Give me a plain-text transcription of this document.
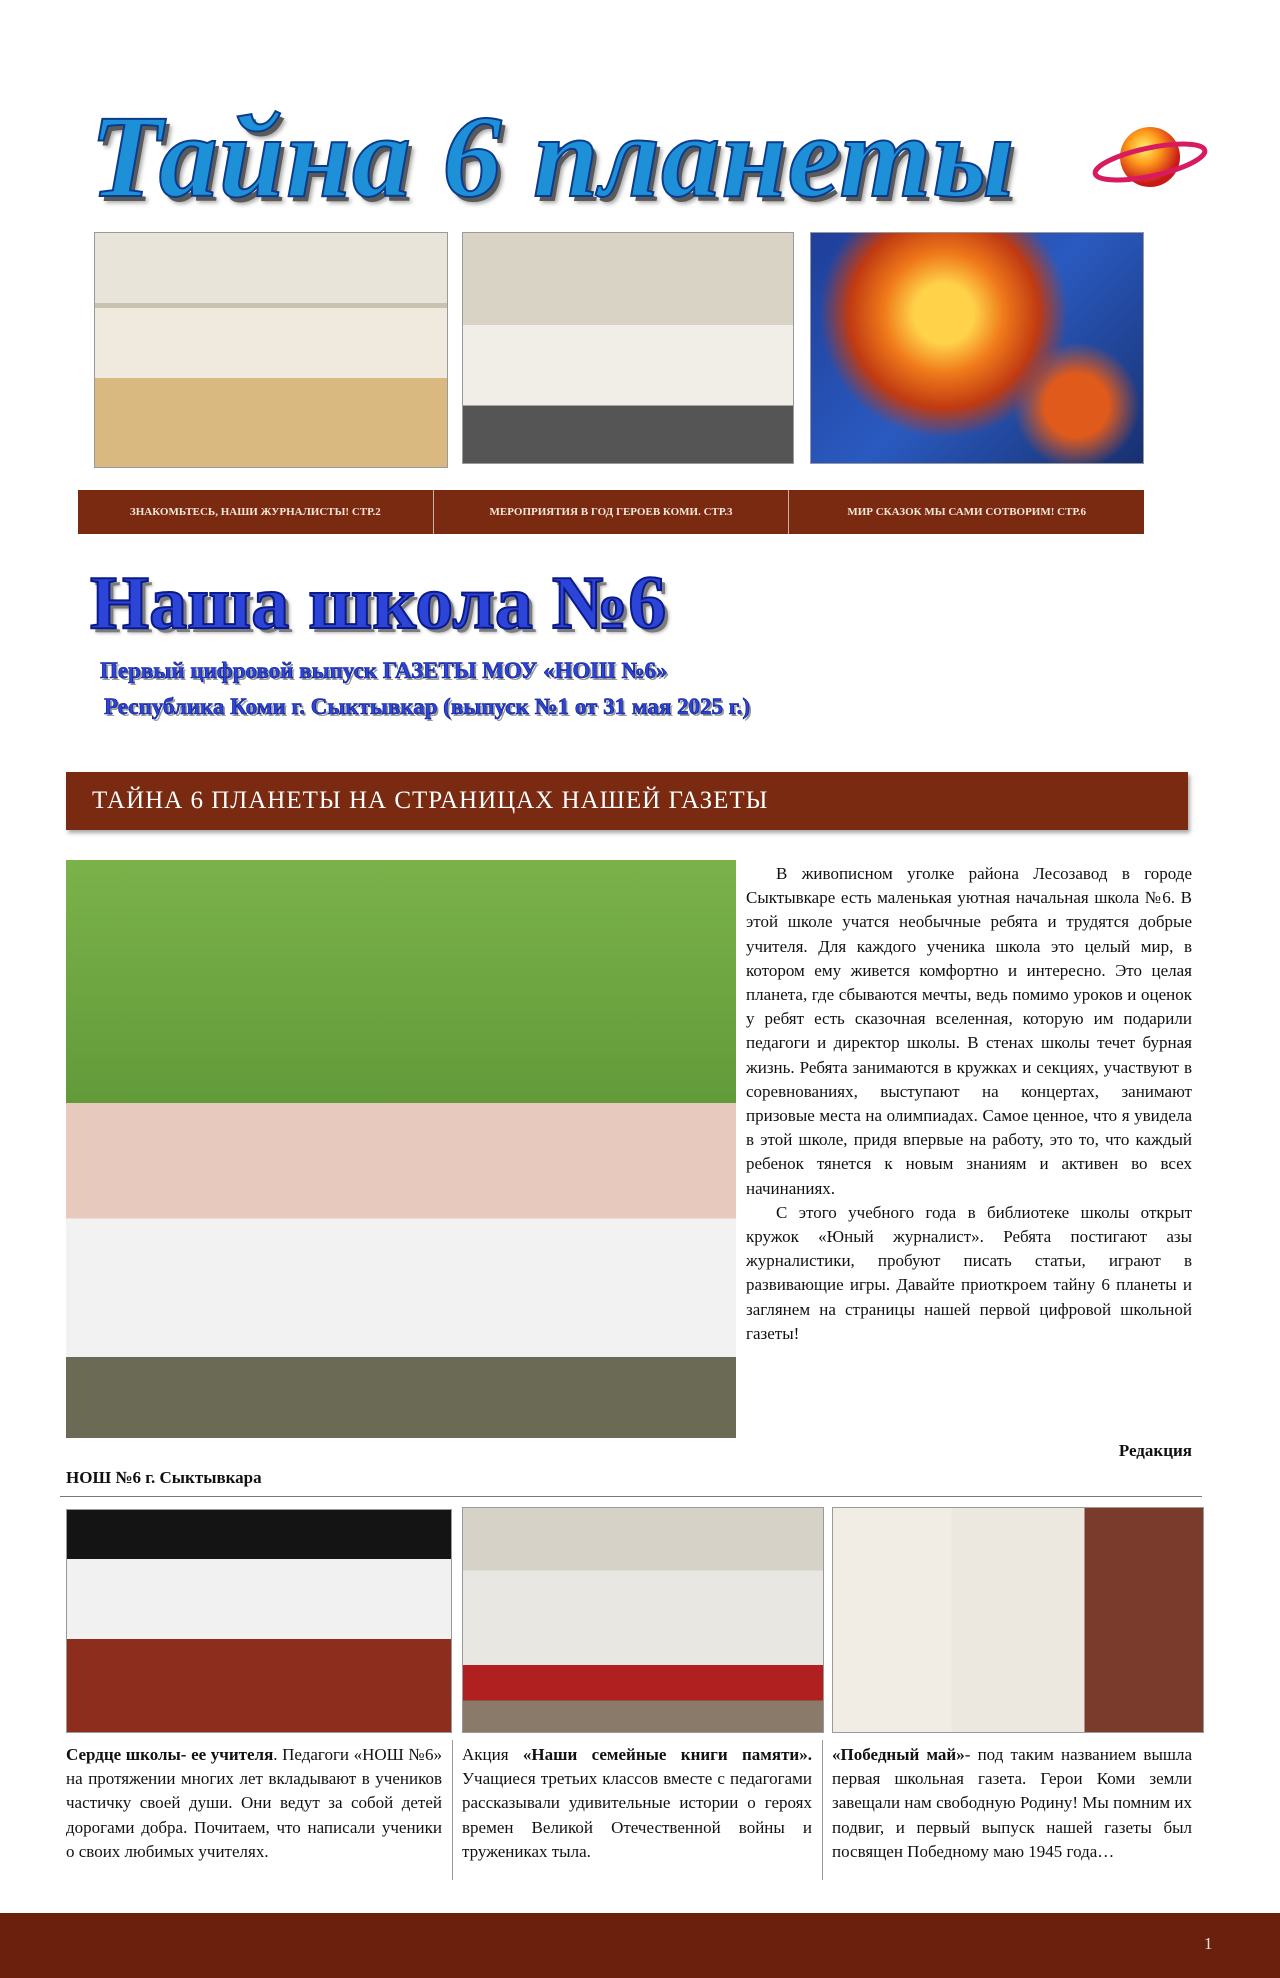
Тайна 6 планеты
ЗНАКОМЬТЕСЬ, НАШИ ЖУРНАЛИСТЫ! СТР.2	МЕРОПРИЯТИЯ В ГОД ГЕРОЕВ КОМИ. СТР.3	МИР СКАЗОК МЫ САМИ СОТВОРИМ! СТР.6
Наша школа №6
Первый цифровой выпуск ГАЗЕТЫ МОУ «НОШ №6»
Республика Коми г. Сыктывкар (выпуск №1 от 31 мая 2025 г.)
ТАЙНА 6 ПЛАНЕТЫ НА СТРАНИЦАХ НАШЕЙ ГАЗЕТЫ
НОШ №6 г. Сыктывкара

В живописном уголке района Лесозавод в городе Сыктывкаре есть маленькая уютная начальная школа №6. В этой школе учатся необычные ребята и трудятся добрые учителя. Для каждого ученика школа это целый мир, в котором ему живется комфортно и интересно. Это целая планета, где сбываются мечты, ведь помимо уроков и оценок у ребят есть сказочная вселенная, которую им подарили педагоги и директор школы. В стенах школы течет бурная жизнь. Ребята занимаются в кружках и секциях, участвуют в соревнованиях, выступают на концертах, занимают призовые места на олимпиадах. Самое ценное, что я увидела в этой школе, придя впервые на работу, это то, что каждый ребенок тянется к новым знаниям и активен во всех начинаниях.

С этого учебного года в библиотеке школы открыт кружок «Юный журналист». Ребята постигают азы журналистики, пробуют писать статьи, играют в развивающие игры. Давайте приоткроем тайну 6 планеты и заглянем на страницы нашей первой цифровой школьной газеты!

Редакция
Сердце школы- ее учителя. Педагоги «НОШ №6» на протяжении многих лет вкладывают в учеников частичку своей души. Они ведут за собой детей дорогами добра. Почитаем, что написали ученики о своих любимых учителях.
Акция «Наши семейные книги памяти». Учащиеся третьих классов вместе с педагогами рассказывали удивительные истории о героях времен Великой Отечественной войны и тружениках тыла.
«Победный май»- под таким названием вышла первая школьная газета. Герои Коми земли завещали нам свободную Родину! Мы помним их подвиг, и первый выпуск нашей газеты был посвящен Победному маю 1945 года…
1
